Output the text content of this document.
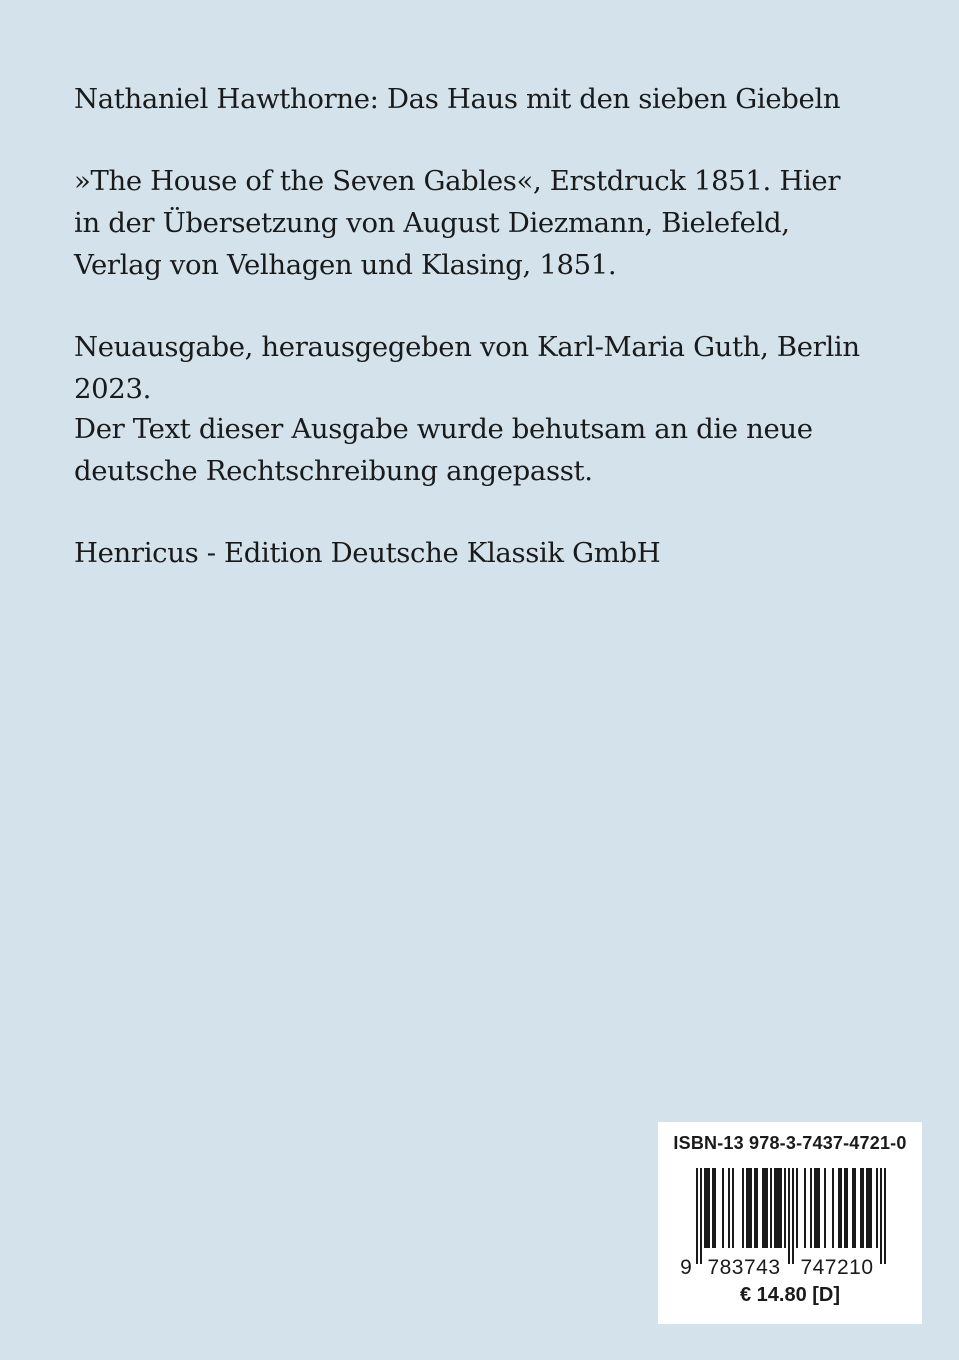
Nathaniel Hawthorne: Das Haus mit den sieben Giebeln

»The House of the Seven Gables«, Erstdruck 1851. Hier in der Übersetzung von August Diezmann, Bielefeld, Verlag von Velhagen und Klasing, 1851.

Neuausgabe, herausgegeben von Karl-Maria Guth, Berlin 2023.

Der Text dieser Ausgabe wurde behutsam an die neue deutsche Rechtschreibung angepasst.

Henricus - Edition Deutsche Klassik GmbH

ISBN-13 978-3-7437-4721-0
9 783743 747210
€ 14.80 [D]
